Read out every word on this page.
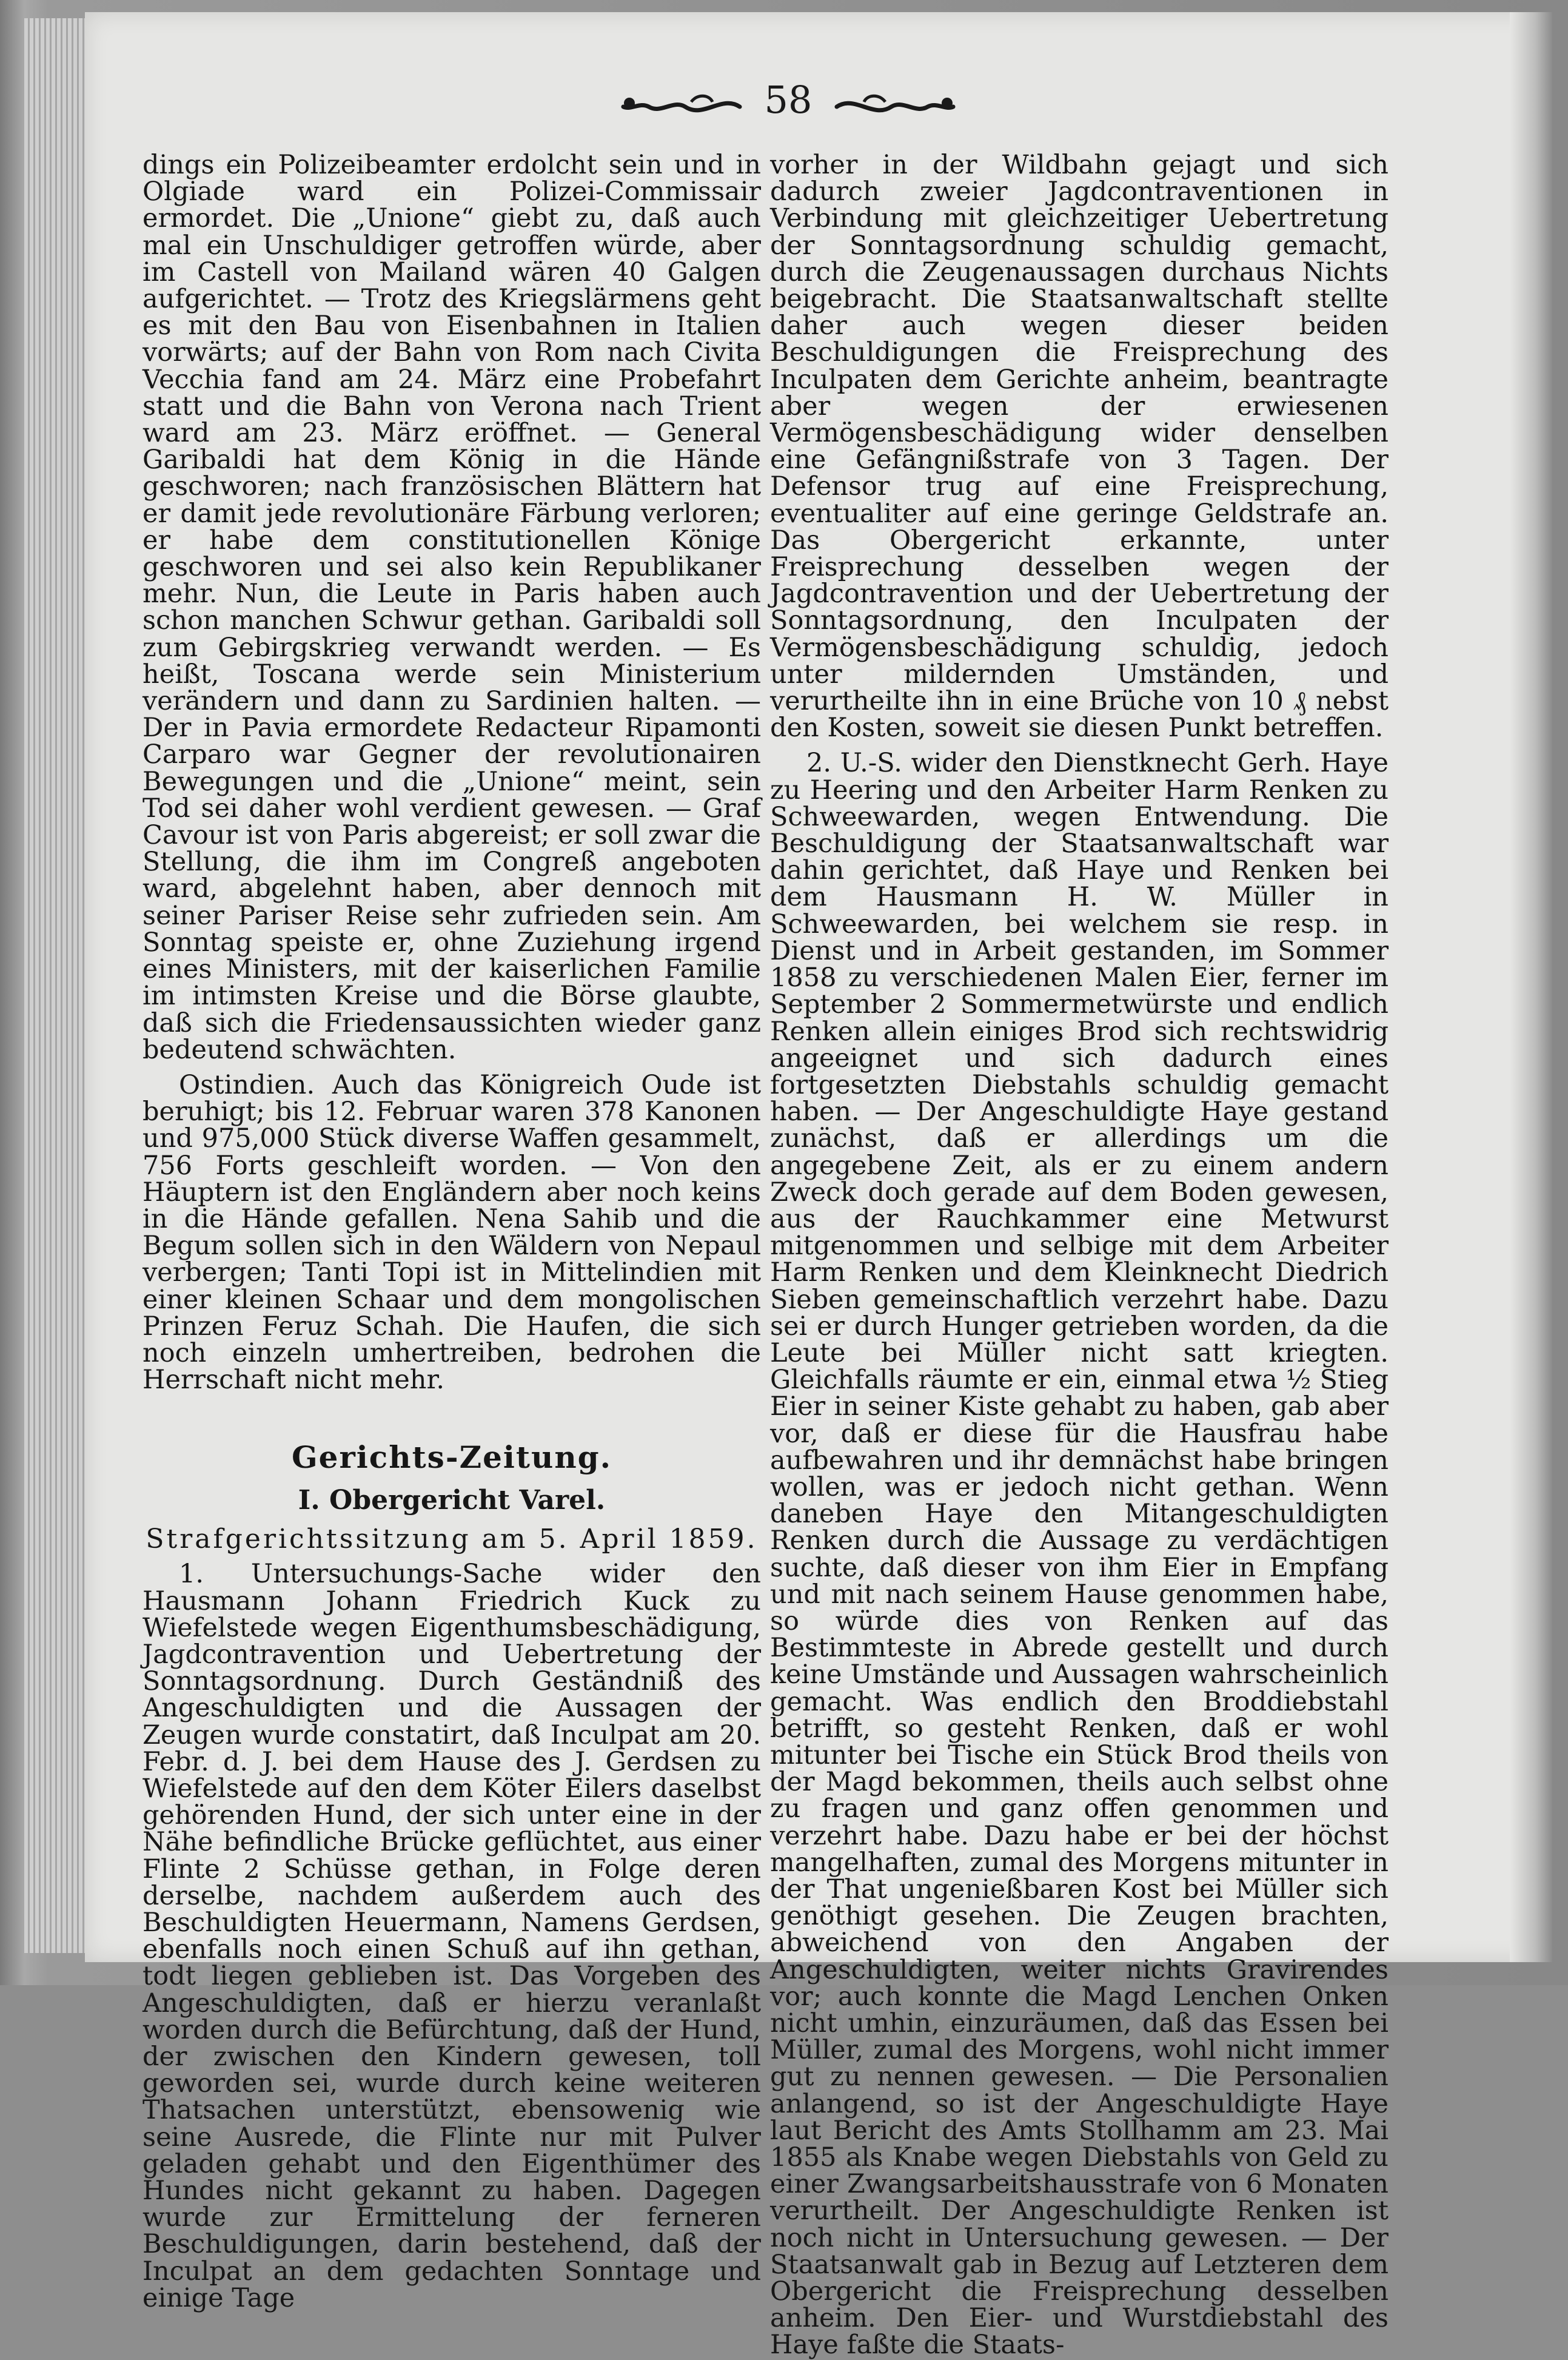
58

dings ein Polizeibeamter erdolcht sein und in Olgiade ward ein Polizei-Commissair ermordet. Die „Unione“ giebt zu, daß auch mal ein Unschuldiger getroffen würde, aber im Castell von Mailand wären 40 Galgen aufgerichtet. — Trotz des Kriegslärmens geht es mit den Bau von Eisenbahnen in Italien vorwärts; auf der Bahn von Rom nach Civita Vecchia fand am 24. März eine Probefahrt statt und die Bahn von Verona nach Trient ward am 23. März eröffnet. — General Garibaldi hat dem König in die Hände geschworen; nach französischen Blättern hat er damit jede revolutionäre Färbung verloren; er habe dem constitutionellen Könige geschworen und sei also kein Republikaner mehr. Nun, die Leute in Paris haben auch schon manchen Schwur gethan. Garibaldi soll zum Gebirgskrieg verwandt werden. — Es heißt, Toscana werde sein Ministerium verändern und dann zu Sardinien halten. — Der in Pavia ermordete Redacteur Ripamonti Carparo war Gegner der revolutionairen Bewegungen und die „Unione“ meint, sein Tod sei daher wohl verdient gewesen. — Graf Cavour ist von Paris abgereist; er soll zwar die Stellung, die ihm im Congreß angeboten ward, abgelehnt haben, aber dennoch mit seiner Pariser Reise sehr zufrieden sein. Am Sonntag speiste er, ohne Zuziehung irgend eines Ministers, mit der kaiserlichen Familie im intimsten Kreise und die Börse glaubte, daß sich die Friedensaussichten wieder ganz bedeutend schwächten.

Ostindien. Auch das Königreich Oude ist beruhigt; bis 12. Februar waren 378 Kanonen und 975,000 Stück diverse Waffen gesammelt, 756 Forts geschleift worden. — Von den Häuptern ist den Engländern aber noch keins in die Hände gefallen. Nena Sahib und die Begum sollen sich in den Wäldern von Nepaul verbergen; Tanti Topi ist in Mittelindien mit einer kleinen Schaar und dem mongolischen Prinzen Feruz Schah. Die Haufen, die sich noch einzeln umhertreiben, bedrohen die Herrschaft nicht mehr.

Gerichts-Zeitung.
I. Obergericht Varel.
Strafgerichtssitzung am 5. April 1859.

1. Untersuchungs-Sache wider den Hausmann Johann Friedrich Kuck zu Wiefelstede wegen Eigenthumsbeschädigung, Jagdcontravention und Uebertretung der Sonntagsordnung. Durch Geständniß des Angeschuldigten und die Aussagen der Zeugen wurde constatirt, daß Inculpat am 20. Febr. d. J. bei dem Hause des J. Gerdsen zu Wiefelstede auf den dem Köter Eilers daselbst gehörenden Hund, der sich unter eine in der Nähe befindliche Brücke geflüchtet, aus einer Flinte 2 Schüsse gethan, in Folge deren derselbe, nachdem außerdem auch des Beschuldigten Heuermann, Namens Gerdsen, ebenfalls noch einen Schuß auf ihn gethan, todt liegen geblieben ist. Das Vorgeben des Angeschuldigten, daß er hierzu veranlaßt worden durch die Befürchtung, daß der Hund, der zwischen den Kindern gewesen, toll geworden sei, wurde durch keine weiteren Thatsachen unterstützt, ebensowenig wie seine Ausrede, die Flinte nur mit Pulver geladen gehabt und den Eigenthümer des Hundes nicht gekannt zu haben. Dagegen wurde zur Ermittelung der ferneren Beschuldigungen, darin bestehend, daß der Inculpat an dem gedachten Sonntage und einige Tage

vorher in der Wildbahn gejagt und sich dadurch zweier Jagdcontraventionen in Verbindung mit gleichzeitiger Uebertretung der Sonntagsordnung schuldig gemacht, durch die Zeugenaussagen durchaus Nichts beigebracht. Die Staatsanwaltschaft stellte daher auch wegen dieser beiden Beschuldigungen die Freisprechung des Inculpaten dem Gerichte anheim, beantragte aber wegen der erwiesenen Vermögensbeschädigung wider denselben eine Gefängnißstrafe von 3 Tagen. Der Defensor trug auf eine Freisprechung, eventualiter auf eine geringe Geldstrafe an. Das Obergericht erkannte, unter Freisprechung desselben wegen der Jagdcontravention und der Uebertretung der Sonntagsordnung, den Inculpaten der Vermögensbeschädigung schuldig, jedoch unter mildernden Umständen, und verurtheilte ihn in eine Brüche von 10 ₰ nebst den Kosten, soweit sie diesen Punkt betreffen.

2. U.-S. wider den Dienstknecht Gerh. Haye zu Heering und den Arbeiter Harm Renken zu Schweewarden, wegen Entwendung. Die Beschuldigung der Staatsanwaltschaft war dahin gerichtet, daß Haye und Renken bei dem Hausmann H. W. Müller in Schweewarden, bei welchem sie resp. in Dienst und in Arbeit gestanden, im Sommer 1858 zu verschiedenen Malen Eier, ferner im September 2 Sommermetwürste und endlich Renken allein einiges Brod sich rechtswidrig angeeignet und sich dadurch eines fortgesetzten Diebstahls schuldig gemacht haben. — Der Angeschuldigte Haye gestand zunächst, daß er allerdings um die angegebene Zeit, als er zu einem andern Zweck doch gerade auf dem Boden gewesen, aus der Rauchkammer eine Metwurst mitgenommen und selbige mit dem Arbeiter Harm Renken und dem Kleinknecht Diedrich Sieben gemeinschaftlich verzehrt habe. Dazu sei er durch Hunger getrieben worden, da die Leute bei Müller nicht satt kriegten. Gleichfalls räumte er ein, einmal etwa ½ Stieg Eier in seiner Kiste gehabt zu haben, gab aber vor, daß er diese für die Hausfrau habe aufbewahren und ihr demnächst habe bringen wollen, was er jedoch nicht gethan. Wenn daneben Haye den Mitangeschuldigten Renken durch die Aussage zu verdächtigen suchte, daß dieser von ihm Eier in Empfang und mit nach seinem Hause genommen habe, so würde dies von Renken auf das Bestimmteste in Abrede gestellt und durch keine Umstände und Aussagen wahrscheinlich gemacht. Was endlich den Broddiebstahl betrifft, so gesteht Renken, daß er wohl mitunter bei Tische ein Stück Brod theils von der Magd bekommen, theils auch selbst ohne zu fragen und ganz offen genommen und verzehrt habe. Dazu habe er bei der höchst mangelhaften, zumal des Morgens mitunter in der That ungenießbaren Kost bei Müller sich genöthigt gesehen. Die Zeugen brachten, abweichend von den Angaben der Angeschuldigten, weiter nichts Gravirendes vor; auch konnte die Magd Lenchen Onken nicht umhin, einzuräumen, daß das Essen bei Müller, zumal des Morgens, wohl nicht immer gut zu nennen gewesen. — Die Personalien anlangend, so ist der Angeschuldigte Haye laut Bericht des Amts Stollhamm am 23. Mai 1855 als Knabe wegen Diebstahls von Geld zu einer Zwangsarbeitshausstrafe von 6 Monaten verurtheilt. Der Angeschuldigte Renken ist noch nicht in Untersuchung gewesen. — Der Staatsanwalt gab in Bezug auf Letzteren dem Obergericht die Freisprechung desselben anheim. Den Eier- und Wurstdiebstahl des Haye faßte die Staats-
